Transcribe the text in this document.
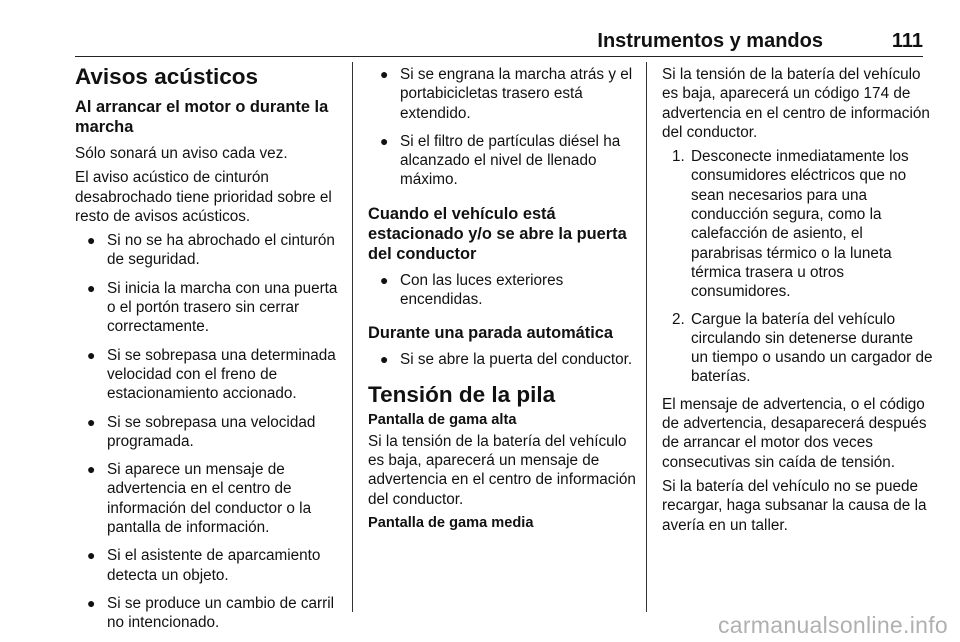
Instrumentos y mandos	111
Avisos acústicos
Al arrancar el motor o durante la marcha

Sólo sonará un aviso cada vez.

El aviso acústico de cinturón desabrochado tiene prioridad sobre el resto de avisos acústicos.

● Si no se ha abrochado el cinturón de seguridad.
● Si inicia la marcha con una puerta o el portón trasero sin cerrar correctamente.
● Si se sobrepasa una determinada velocidad con el freno de estacionamiento accionado.
● Si se sobrepasa una velocidad programada.
● Si aparece un mensaje de advertencia en el centro de información del conductor o la pantalla de información.
● Si el asistente de aparcamiento detecta un objeto.
● Si se produce un cambio de carril no intencionado.
● Si se engrana la marcha atrás y el portabicicletas trasero está extendido.
● Si el filtro de partículas diésel ha alcanzado el nivel de llenado máximo.
Cuando el vehículo está estacionado y/o se abre la puerta del conductor
● Con las luces exteriores encendidas.
Durante una parada automática
● Si se abre la puerta del conductor.
Tensión de la pila
Pantalla de gama alta

Si la tensión de la batería del vehículo es baja, aparecerá un mensaje de advertencia en el centro de información del conductor.

Pantalla de gama media

Si la tensión de la batería del vehículo es baja, aparecerá un código 174 de advertencia en el centro de información del conductor.

1. Desconecte inmediatamente los consumidores eléctricos que no sean necesarios para una conducción segura, como la calefacción de asiento, el parabrisas térmico o la luneta térmica trasera u otros consumidores.
2. Cargue la batería del vehículo circulando sin detenerse durante un tiempo o usando un cargador de baterías.

El mensaje de advertencia, o el código de advertencia, desaparecerá después de arrancar el motor dos veces consecutivas sin caída de tensión.

Si la batería del vehículo no se puede recargar, haga subsanar la causa de la avería en un taller.

carmanualsonline.info
